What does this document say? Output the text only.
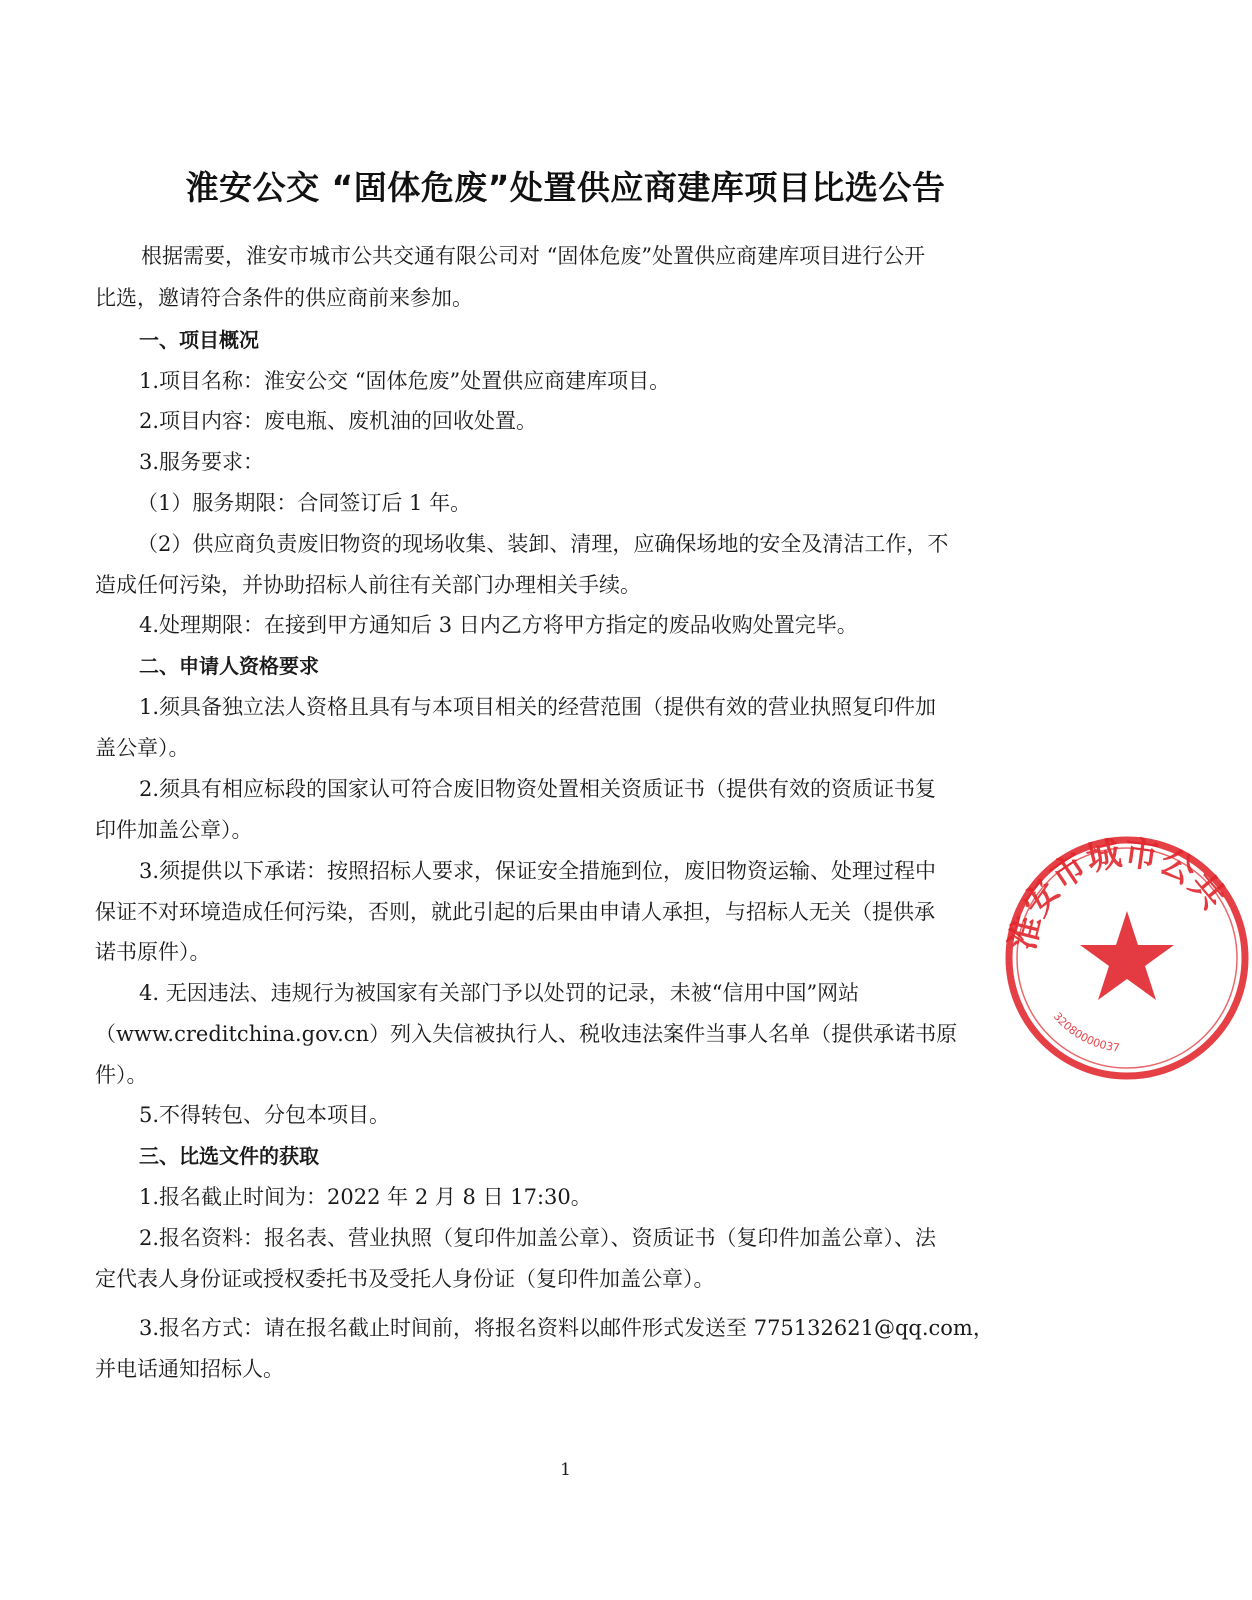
淮安公交 “固体危废”处置供应商建库项目比选公告
根据需要，淮安市城市公共交通有限公司对 “固体危废”处置供应商建库项目进行公开
比选，邀请符合条件的供应商前来参加。
一、项目概况
1.项目名称：淮安公交 “固体危废”处置供应商建库项目。
2.项目内容：废电瓶、废机油的回收处置。
3.服务要求：
（1）服务期限：合同签订后 1 年。
（2）供应商负责废旧物资的现场收集、装卸、清理，应确保场地的安全及清洁工作，不
造成任何污染，并协助招标人前往有关部门办理相关手续。
4.处理期限：在接到甲方通知后 3 日内乙方将甲方指定的废品收购处置完毕。
二、申请人资格要求
1.须具备独立法人资格且具有与本项目相关的经营范围（提供有效的营业执照复印件加
盖公章）。
2.须具有相应标段的国家认可符合废旧物资处置相关资质证书（提供有效的资质证书复
印件加盖公章）。
3.须提供以下承诺：按照招标人要求，保证安全措施到位，废旧物资运输、处理过程中
保证不对环境造成任何污染，否则，就此引起的后果由申请人承担，与招标人无关（提供承
诺书原件）。
4. 无因违法、违规行为被国家有关部门予以处罚的记录，未被“信用中国”网站
（www.creditchina.gov.cn）列入失信被执行人、税收违法案件当事人名单（提供承诺书原
件）。
5.不得转包、分包本项目。
三、比选文件的获取
1.报名截止时间为：2022 年 2 月 8 日 17:30。
2.报名资料：报名表、营业执照（复印件加盖公章）、资质证书（复印件加盖公章）、法
定代表人身份证或授权委托书及受托人身份证（复印件加盖公章）。
3.报名方式：请在报名截止时间前，将报名资料以邮件形式发送至 775132621@qq.com，
并电话通知招标人。
1
淮安市城市公共
32080000037
